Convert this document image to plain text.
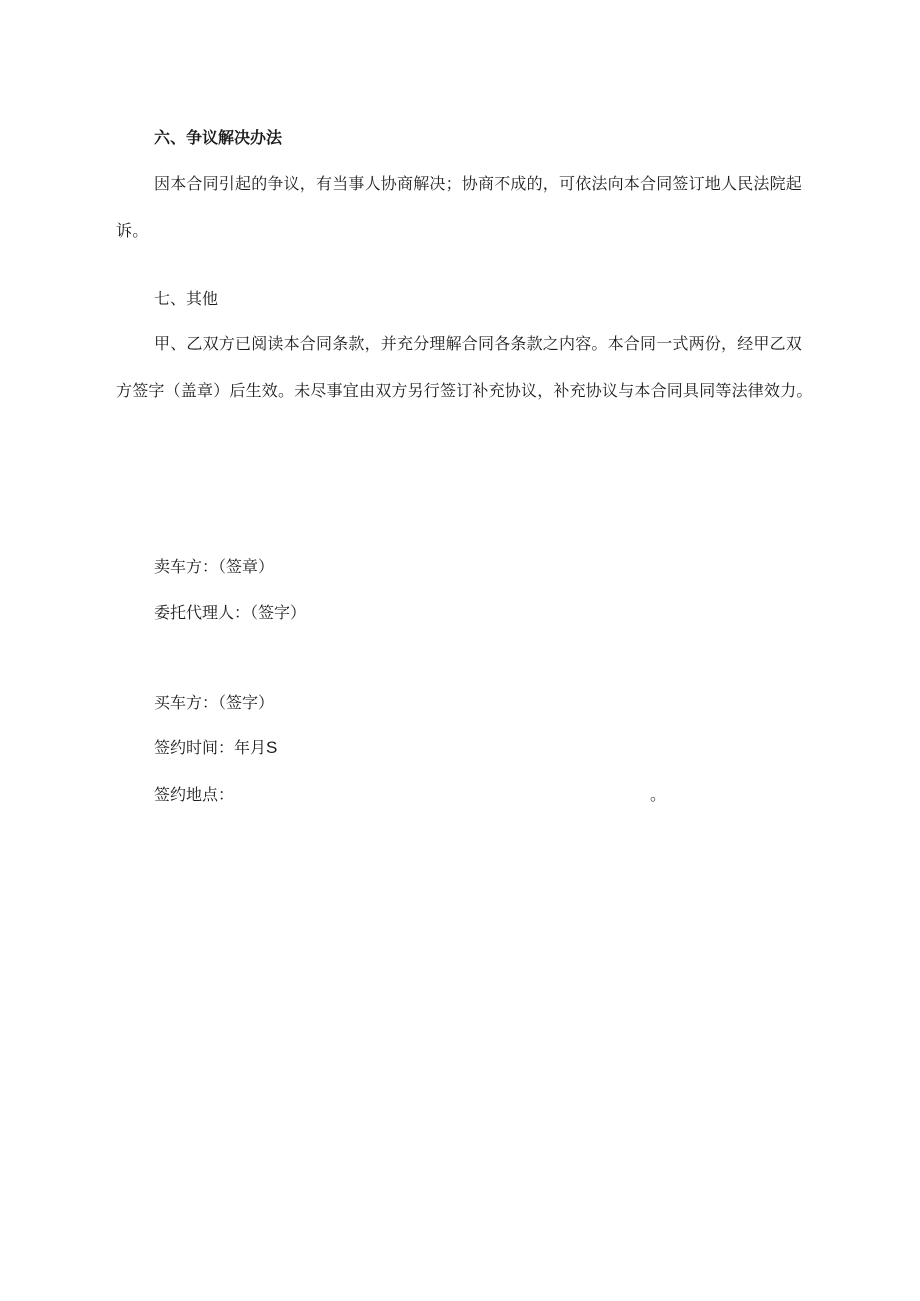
六、争议解决办法
因本合同引起的争议，有当事人协商解决；协商不成的，可依法向本合同签订地人民法院起诉。
七、其他
甲、乙双方已阅读本合同条款，并充分理解合同各条款之内容。本合同一式两份，经甲乙双方签字（盖章）后生效。未尽事宜由双方另行签订补充协议，补充协议与本合同具同等法律效力。
卖车方：（签章）
委托代理人：（签字）
买车方：（签字）
签约时间：年月S
签约地点：	。
